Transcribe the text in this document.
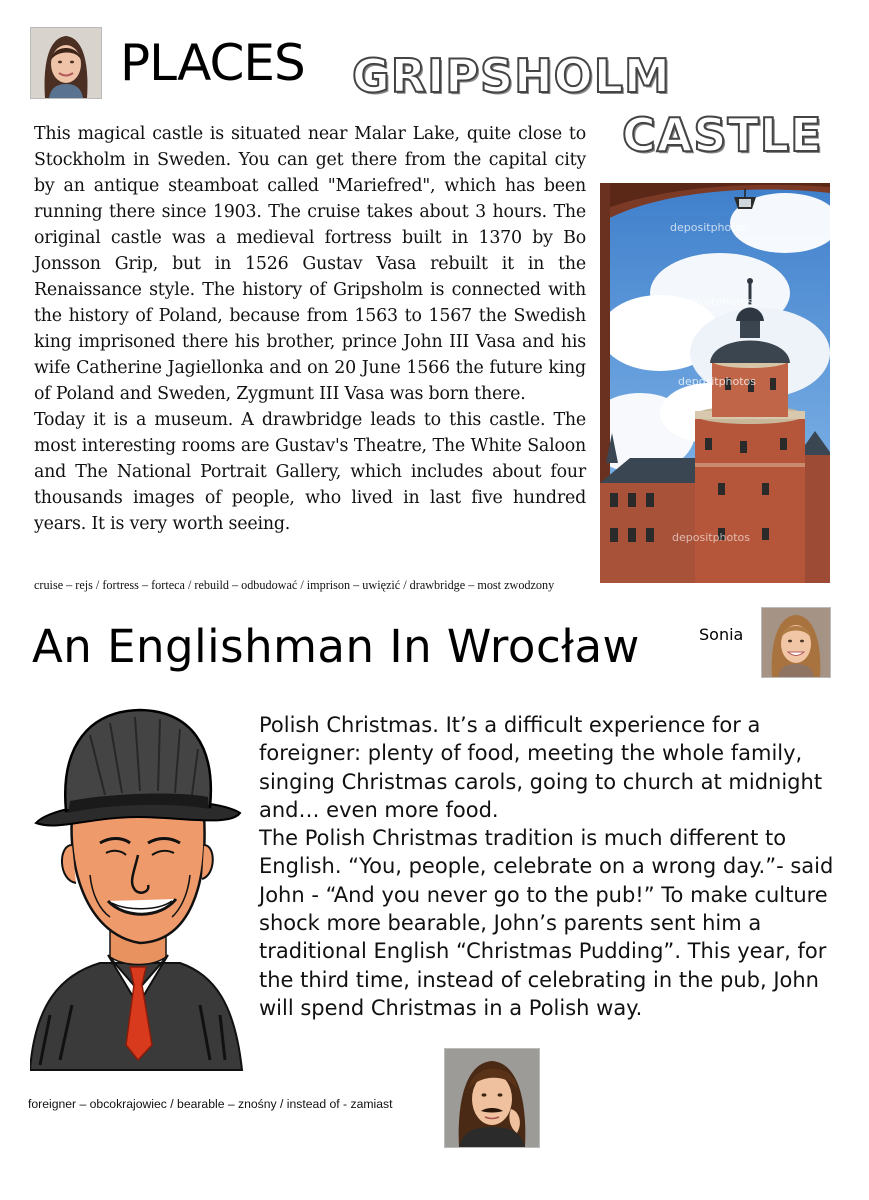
PLACES GRIPSHOLM
CASTLE

This magical castle is situated near Malar Lake, quite close to Stockholm in Sweden. You can get there from the capital city by an antique steamboat called "Mariefred", which has been running there since 1903. The cruise takes about 3 hours. The original castle was a medieval fortress built in 1370 by Bo Jonsson Grip, but in 1526 Gustav Vasa rebuilt it in the Renaissance style. The history of Gripsholm is connected with the history of Poland, because from 1563 to 1567 the Swedish king imprisoned there his brother, prince John III Vasa and his wife Catherine Jagiellonka and on 20 June 1566 the future king of Poland and Sweden, Zygmunt III Vasa was born there.

Today it is a museum. A drawbridge leads to this castle. The most interesting rooms are Gustav's Theatre, The White Saloon and The National Portrait Gallery, which includes about four thousands images of people, who lived in last five hundred years. It is very worth seeing.

cruise – rejs / fortress – forteca / rebuild – odbudować / imprison – uwięzić / drawbridge – most zwodzony
depositphotos
depositphotos
depositphotos
depositphotos
An Englishman In Wrocław	Sonia

Polish Christmas. It’s a difficult experience for a foreigner: plenty of food, meeting the whole family, singing Christmas carols, going to church at midnight and… even more food.

The Polish Christmas tradition is much different to English. “You, people, celebrate on a wrong day.”- said John - “And you never go to the pub!” To make culture shock more bearable, John’s parents sent him a traditional English “Christmas Pudding”. This year, for the third time, instead of celebrating in the pub, John will spend Christmas in a Polish way.

foreigner – obcokrajowiec / bearable – znośny / instead of - zamiast
